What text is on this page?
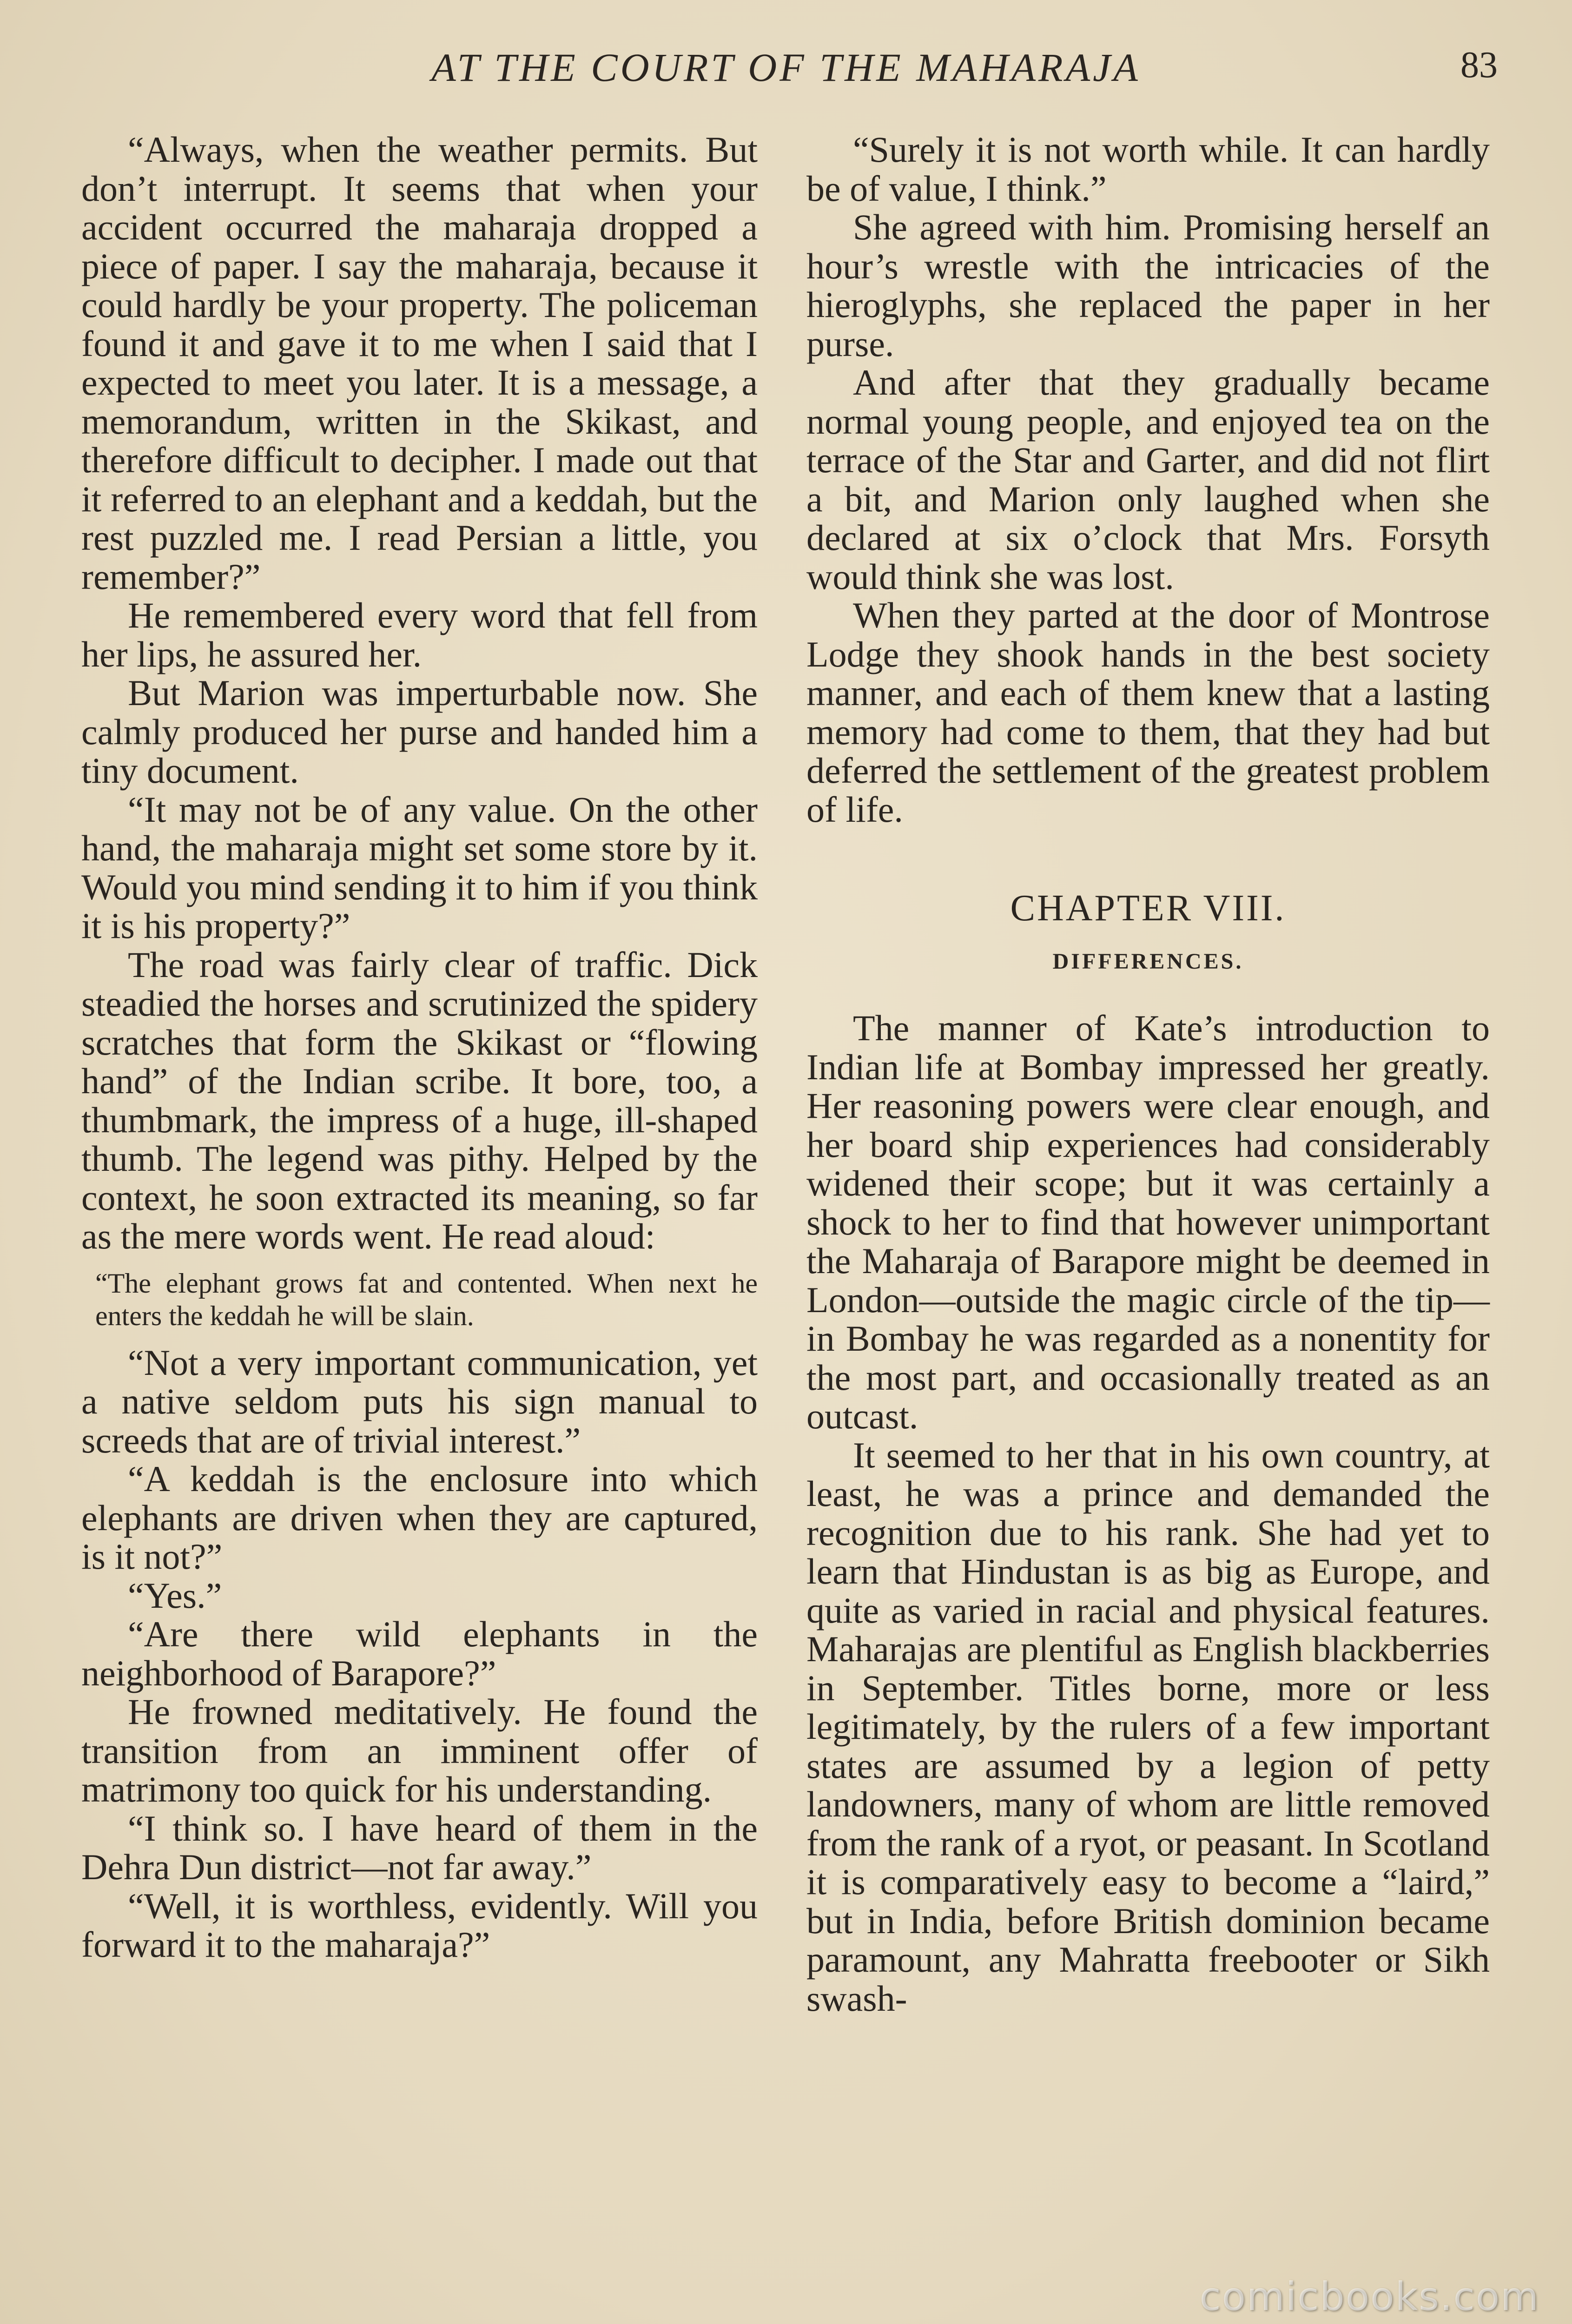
AT THE COURT OF THE MAHARAJA	83

“Always, when the weather permits. But don’t interrupt. It seems that when your accident occurred the maharaja dropped a piece of paper. I say the maharaja, because it could hardly be your property. The policeman found it and gave it to me when I said that I expected to meet you later. It is a message, a memorandum, written in the Skikast, and therefore difficult to decipher. I made out that it referred to an elephant and a keddah, but the rest puzzled me. I read Persian a little, you remember?”

He remembered every word that fell from her lips, he assured her.

But Marion was imperturbable now. She calmly produced her purse and handed him a tiny document.

“It may not be of any value. On the other hand, the maharaja might set some store by it. Would you mind sending it to him if you think it is his property?”

The road was fairly clear of traffic. Dick steadied the horses and scrutinized the spidery scratches that form the Skikast or “flowing hand” of the Indian scribe. It bore, too, a thumbmark, the impress of a huge, ill-shaped thumb. The legend was pithy. Helped by the context, he soon extracted its meaning, so far as the mere words went. He read aloud:

“The elephant grows fat and contented. When next he enters the keddah he will be slain.

“Not a very important communication, yet a native seldom puts his sign manual to screeds that are of trivial interest.”

“A keddah is the enclosure into which elephants are driven when they are captured, is it not?”

“Yes.”

“Are there wild elephants in the neighborhood of Barapore?”

He frowned meditatively. He found the transition from an imminent offer of matrimony too quick for his understanding.

“I think so. I have heard of them in the Dehra Dun district—not far away.”

“Well, it is worthless, evidently. Will you forward it to the maharaja?”

“Surely it is not worth while. It can hardly be of value, I think.”

She agreed with him. Promising herself an hour’s wrestle with the intricacies of the hieroglyphs, she replaced the paper in her purse.

And after that they gradually became normal young people, and enjoyed tea on the terrace of the Star and Garter, and did not flirt a bit, and Marion only laughed when she declared at six o’clock that Mrs. Forsyth would think she was lost.

When they parted at the door of Montrose Lodge they shook hands in the best society manner, and each of them knew that a lasting memory had come to them, that they had but deferred the settlement of the greatest problem of life.

CHAPTER VIII.

DIFFERENCES.

The manner of Kate’s introduction to Indian life at Bombay impressed her greatly. Her reasoning powers were clear enough, and her board ship experiences had considerably widened their scope; but it was certainly a shock to her to find that however unimportant the Maharaja of Barapore might be deemed in London—outside the magic circle of the tip—in Bombay he was regarded as a nonentity for the most part, and occasionally treated as an outcast.

It seemed to her that in his own country, at least, he was a prince and demanded the recognition due to his rank. She had yet to learn that Hindustan is as big as Europe, and quite as varied in racial and physical features. Maharajas are plentiful as English blackberries in September. Titles borne, more or less legitimately, by the rulers of a few important states are assumed by a legion of petty landowners, many of whom are little removed from the rank of a ryot, or peasant. In Scotland it is comparatively easy to become a “laird,” but in India, before British dominion became paramount, any Mahratta freebooter or Sikh swash-

comicbooks.com
